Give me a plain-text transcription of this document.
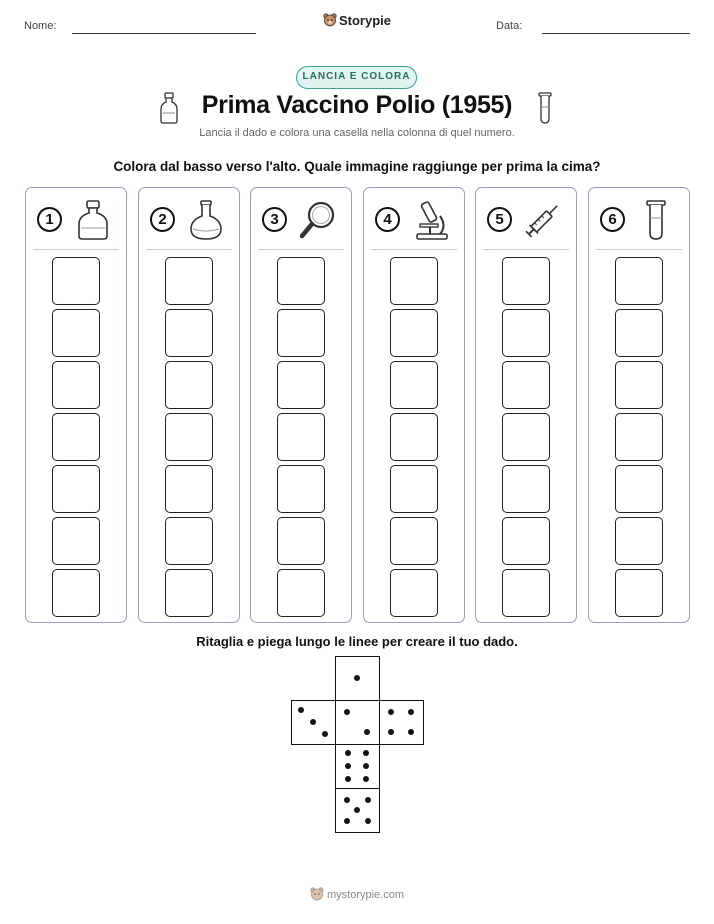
Nome:	Data:
Storypie
LANCIA E COLORA
Prima Vaccino Polio (1955)
Lancia il dado e colora una casella nella colonna di quel numero.
Colora dal basso verso l'alto. Quale immagine raggiunge per prima la cima?
1	2	3	4	5	6
Ritaglia e piega lungo le linee per creare il tuo dado.
mystorypie.com
